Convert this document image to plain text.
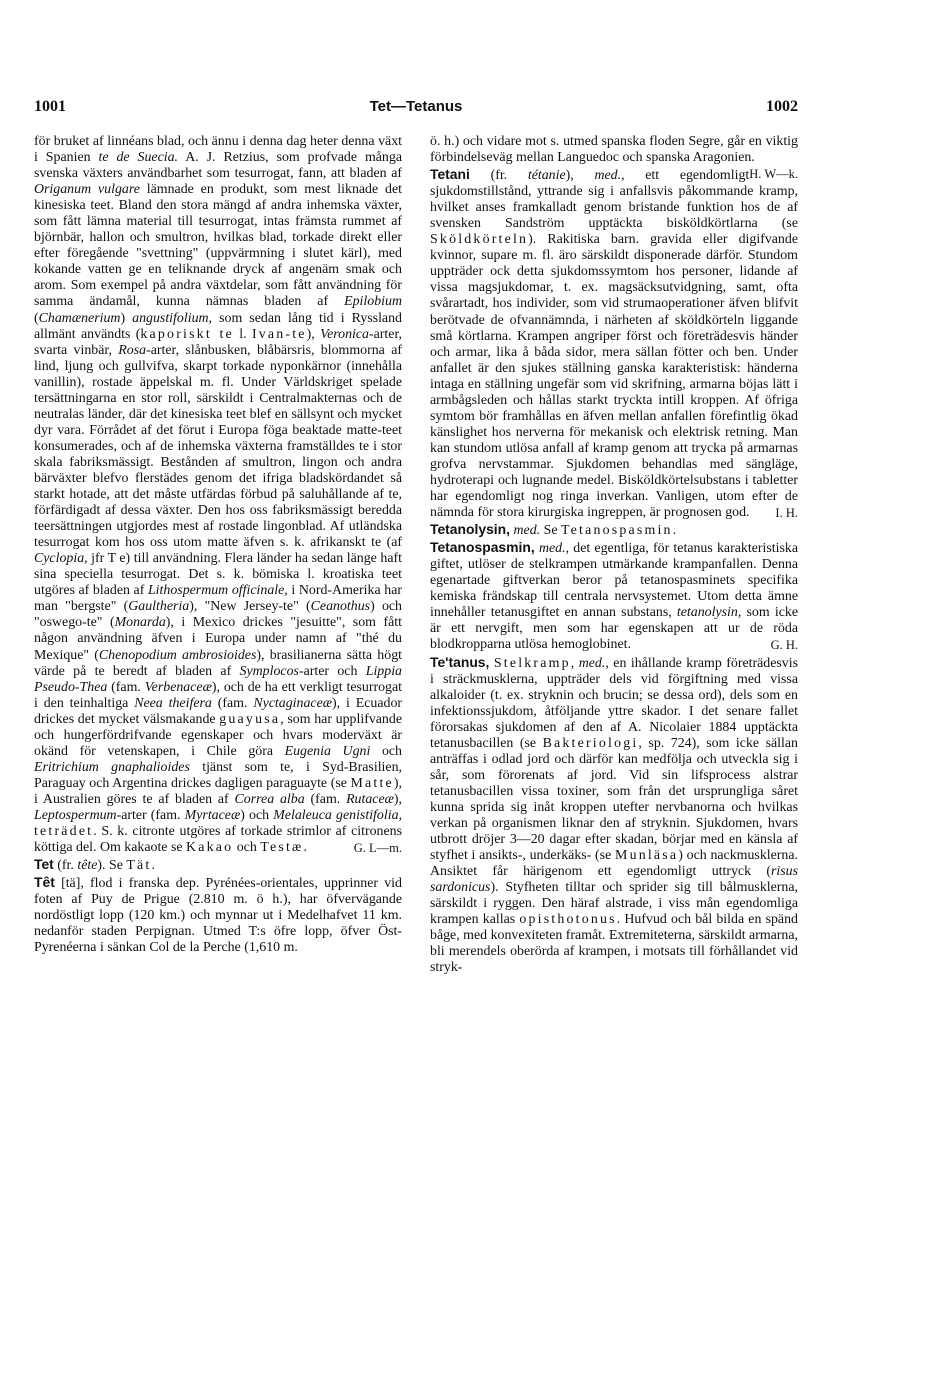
1001	Tet—Tetanus	1002

för bruket af linnéans blad, och ännu i denna dag heter denna växt i Spanien te de Suecia. A. J. Retzius, som profvade många svenska växters användbarhet som tesurrogat, fann, att bladen af Origanum vulgare lämnade en produkt, som mest liknade det kinesiska teet. Bland den stora mängd af andra inhemska växter, som fått lämna material till tesurrogat, intas främsta rummet af björnbär, hallon och smultron, hvilkas blad, torkade direkt eller efter föregående "svettning" (uppvärmning i slutet kärl), med kokande vatten ge en teliknande dryck af angenäm smak och arom. Som exempel på andra växtdelar, som fått användning för samma ändamål, kunna nämnas bladen af Epilobium (Chamænerium) angustifolium, som sedan lång tid i Ryssland allmänt användts (kaporiskt te l. Ivan-te), Veronica-arter, svarta vinbär, Rosa-arter, slånbusken, blåbärsris, blommorna af lind, ljung och gullvifva, skarpt torkade nyponkärnor (innehålla vanillin), rostade äppelskal m. fl. Under Världskriget spelade tersättningarna en stor roll, särskildt i Centralmakternas och de neutralas länder, där det kinesiska teet blef en sällsynt och mycket dyr vara. Förrådet af det förut i Europa föga beaktade matte-teet konsumerades, och af de inhemska växterna framställdes te i stor skala fabriksmässigt. Bestånden af smultron, lingon och andra bärväxter blefvo flerstädes genom det ifriga bladskördandet så starkt hotade, att det måste utfärdas förbud på saluhållande af te, förfärdigadt af dessa växter. Den hos oss fabriksmässigt beredda teersättningen utgjordes mest af rostade lingonblad. Af utländska tesurrogat kom hos oss utom matte äfven s. k. afrikanskt te (af Cyclopia, jfr T e) till användning. Flera länder ha sedan länge haft sina speciella tesurrogat. Det s. k. bömiska l. kroatiska teet utgöres af bladen af Lithospermum officinale, i Nord-Amerika har man "bergste" (Gaultheria), "New Jersey-te" (Ceanothus) och "oswego-te" (Monarda), i Mexico drickes "jesuitte", som fått någon användning äfven i Europa under namn af "thé du Mexique" (Chenopodium ambrosioides), brasilianerna sätta högt värde på te beredt af bladen af Symplocos-arter och Lippia Pseudo-Thea (fam. Verbenaceæ), och de ha ett verkligt tesurrogat i den teinhaltiga Neea theifera (fam. Nyctaginaceæ), i Ecuador drickes det mycket välsmakande guayusa, som har upplifvande och hungerfördrifvande egenskaper och hvars moderväxt är okänd för vetenskapen, i Chile göra Eugenia Ugni och Eritrichium gnaphalioides tjänst som te, i Syd-Brasilien, Paraguay och Argentina drickes dagligen paraguayte (se Matte), i Australien göres te af bladen af Correa alba (fam. Rutaceæ), Leptospermum-arter (fam. Myrtaceæ) och Melaleuca genistifolia, teträdet. S. k. citronte utgöres af torkade strimlor af citronens köttiga del. Om kakaote se Kakao och Testæ.	G. L—m.

Tet (fr. tête). Se Tät.

Têt [tä], flod i franska dep. Pyrénées-orientales, upprinner vid foten af Puy de Prigue (2.810 m. ö h.), har öfvervägande nordöstligt lopp (120 km.) och mynnar ut i Medelhafvet 11 km. nedanför staden Perpignan. Utmed T:s öfre lopp, öfver Öst-Pyrenéerna i sänkan Col de la Perche (1,610 m.

ö. h.) och vidare mot s. utmed spanska floden Segre, går en viktig förbindelseväg mellan Languedoc och spanska Aragonien.
H. W—k.

Tetani (fr. tétanie), med., ett egendomligt sjukdomstillstånd, yttrande sig i anfallsvis påkommande kramp, hvilket anses framkalladt genom bristande funktion hos de af svensken Sandström upptäckta bisköldkörtlarna (se Sköldkörteln). Rakitiska barn. gravida eller digifvande kvinnor, supare m. fl. äro särskildt disponerade därför. Stundom uppträder ock detta sjukdomssymtom hos personer, lidande af vissa magsjukdomar, t. ex. magsäcksutvidgning, samt, ofta svårartadt, hos individer, som vid strumaoperationer äfven blifvit berötvade de ofvannämnda, i närheten af sköldkörteln liggande små körtlarna. Krampen angriper först och företrädesvis händer och armar, lika å båda sidor, mera sällan fötter och ben. Under anfallet är den sjukes ställning ganska karakteristisk: händerna intaga en ställning ungefär som vid skrifning, armarna böjas lätt i armbågsleden och hållas starkt tryckta intill kroppen. Af öfriga symtom bör framhållas en äfven mellan anfallen förefintlig ökad känslighet hos nerverna för mekanisk och elektrisk retning. Man kan stundom utlösa anfall af kramp genom att trycka på armarnas grofva nervstammar. Sjukdomen behandlas med sängläge, hydroterapi och lugnande medel. Bisköldkörtelsubstans i tabletter har egendomligt nog ringa inverkan. Vanligen, utom efter de nämnda för stora kirurgiska ingreppen, är prognosen god. I. H.

Tetanolysin, med. Se Tetanospasmin.

Tetanospasmin, med., det egentliga, för tetanus karakteristiska giftet, utlöser de stelkrampen utmärkande krampanfallen. Denna egenartade giftverkan beror på tetanospasminets specifika kemiska frändskap till centrala nervsystemet. Utom detta ämne innehåller tetanusgiftet en annan substans, tetanolysin, som icke är ett nervgift, men som har egenskapen att ur de röda blodkropparna utlösa hemoglobinet.	G. H.

Te'tanus, Stelkramp, med., en ihållande kramp företrädesvis i sträckmusklerna, uppträder dels vid förgiftning med vissa alkaloider (t. ex. stryknin och brucin; se dessa ord), dels som en infektionssjukdom, åtföljande yttre skador. I det senare fallet förorsakas sjukdomen af den af A. Nicolaier 1884 upptäckta tetanusbacillen (se Bakteriologi, sp. 724), som icke sällan anträffas i odlad jord och därför kan medfölja och utveckla sig i sår, som förorenats af jord. Vid sin lifsprocess alstrar tetanusbacillen vissa toxiner, som från det ursprungliga såret kunna sprida sig inåt kroppen utefter nervbanorna och hvilkas verkan på organismen liknar den af stryknin. Sjukdomen, hvars utbrott dröjer 3—20 dagar efter skadan, börjar med en känsla af styfhet i ansikts-, underkäks- (se Munläsa) och nackmusklerna. Ansiktet får härigenom ett egendomligt uttryck (risus sardonicus). Styfheten tilltar och sprider sig till bålmusklerna, särskildt i ryggen. Den häraf alstrade, i viss mån egendomliga krampen kallas opisthotonus. Hufvud och bål bilda en spänd båge, med konvexiteten framåt. Extremiteterna, särskildt armarna, bli merendels oberörda af krampen, i motsats till förhållandet vid stryk-
